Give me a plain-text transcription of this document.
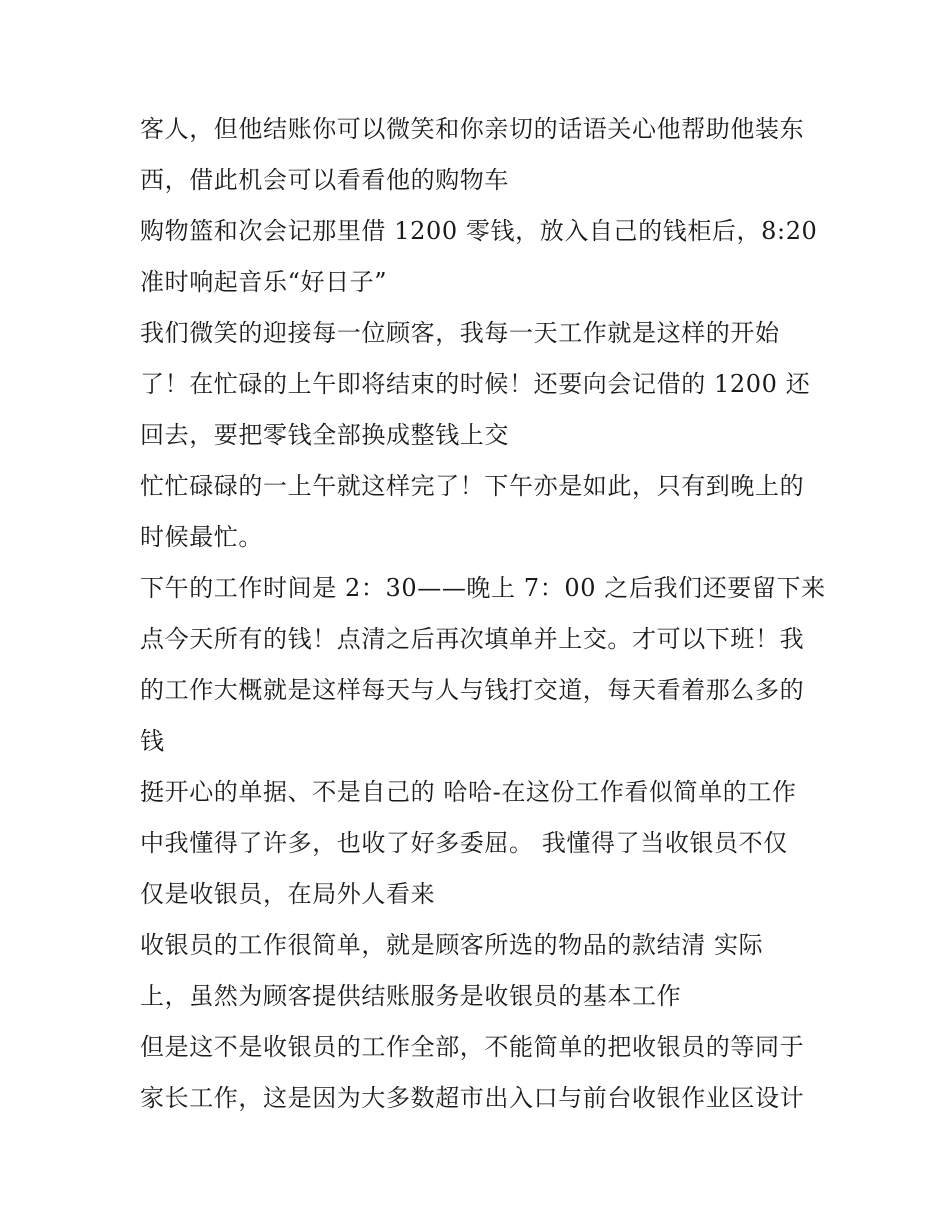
客人，但他结账你可以微笑和你亲切的话语关心他帮助他装东
西，借此机会可以看看他的购物车
购物篮和次会记那里借 1200 零钱，放入自己的钱柜后，8:20
准时响起音乐“好日子”
我们微笑的迎接每一位顾客，我每一天工作就是这样的开始
了！在忙碌的上午即将结束的时候！还要向会记借的 1200 还
回去，要把零钱全部换成整钱上交
忙忙碌碌的一上午就这样完了！下午亦是如此，只有到晚上的
时候最忙。
下午的工作时间是 2：30——晚上 7：00 之后我们还要留下来
点今天所有的钱！点清之后再次填单并上交。才可以下班！我
的工作大概就是这样每天与人与钱打交道，每天看着那么多的
钱
挺开心的单据、不是自己的 哈哈-在这份工作看似简单的工作
中我懂得了许多，也收了好多委屈。 我懂得了当收银员不仅
仅是收银员，在局外人看来
收银员的工作很简单，就是顾客所选的物品的款结清 实际
上，虽然为顾客提供结账服务是收银员的基本工作
但是这不是收银员的工作全部，不能简单的把收银员的等同于
家长工作，这是因为大多数超市出入口与前台收银作业区设计
